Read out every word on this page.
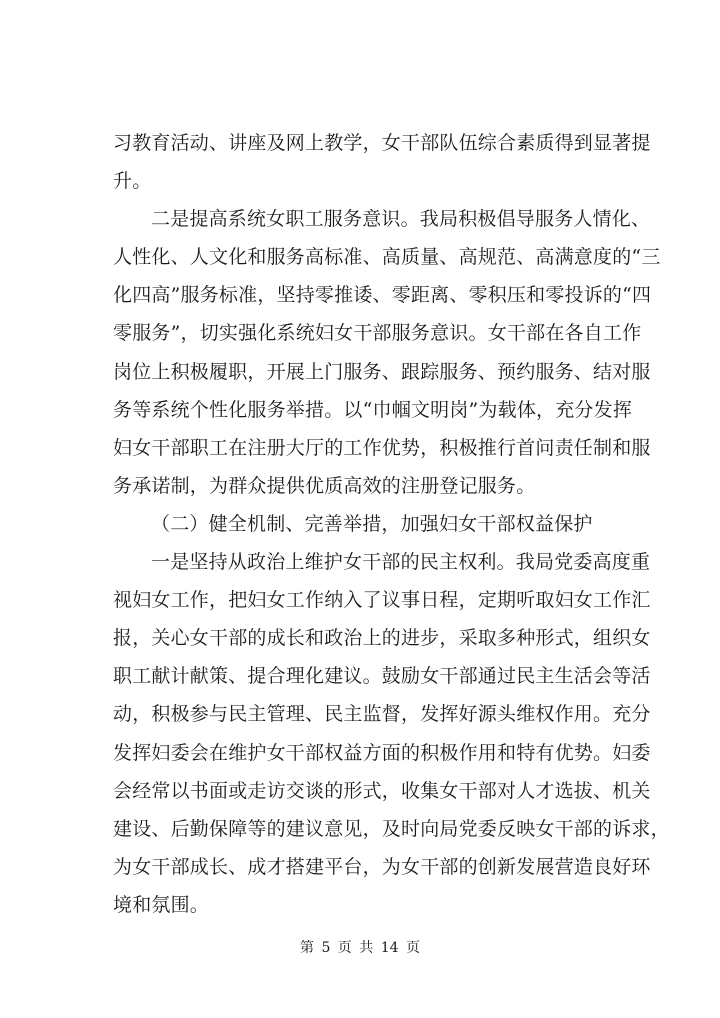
习教育活动、讲座及网上教学，女干部队伍综合素质得到显著提
升。
二是提高系统女职工服务意识。我局积极倡导服务人情化、
人性化、人文化和服务高标准、高质量、高规范、高满意度的“三
化四高”服务标准，坚持零推诿、零距离、零积压和零投诉的“四
零服务”，切实强化系统妇女干部服务意识。女干部在各自工作
岗位上积极履职，开展上门服务、跟踪服务、预约服务、结对服
务等系统个性化服务举措。以“巾帼文明岗”为载体，充分发挥
妇女干部职工在注册大厅的工作优势，积极推行首问责任制和服
务承诺制，为群众提供优质高效的注册登记服务。
（二）健全机制、完善举措，加强妇女干部权益保护
一是坚持从政治上维护女干部的民主权利。我局党委高度重
视妇女工作，把妇女工作纳入了议事日程，定期听取妇女工作汇
报，关心女干部的成长和政治上的进步，采取多种形式，组织女
职工献计献策、提合理化建议。鼓励女干部通过民主生活会等活
动，积极参与民主管理、民主监督，发挥好源头维权作用。充分
发挥妇委会在维护女干部权益方面的积极作用和特有优势。妇委
会经常以书面或走访交谈的形式，收集女干部对人才选拔、机关
建设、后勤保障等的建议意见，及时向局党委反映女干部的诉求，
为女干部成长、成才搭建平台，为女干部的创新发展营造良好环
境和氛围。
第 5 页 共 14 页
